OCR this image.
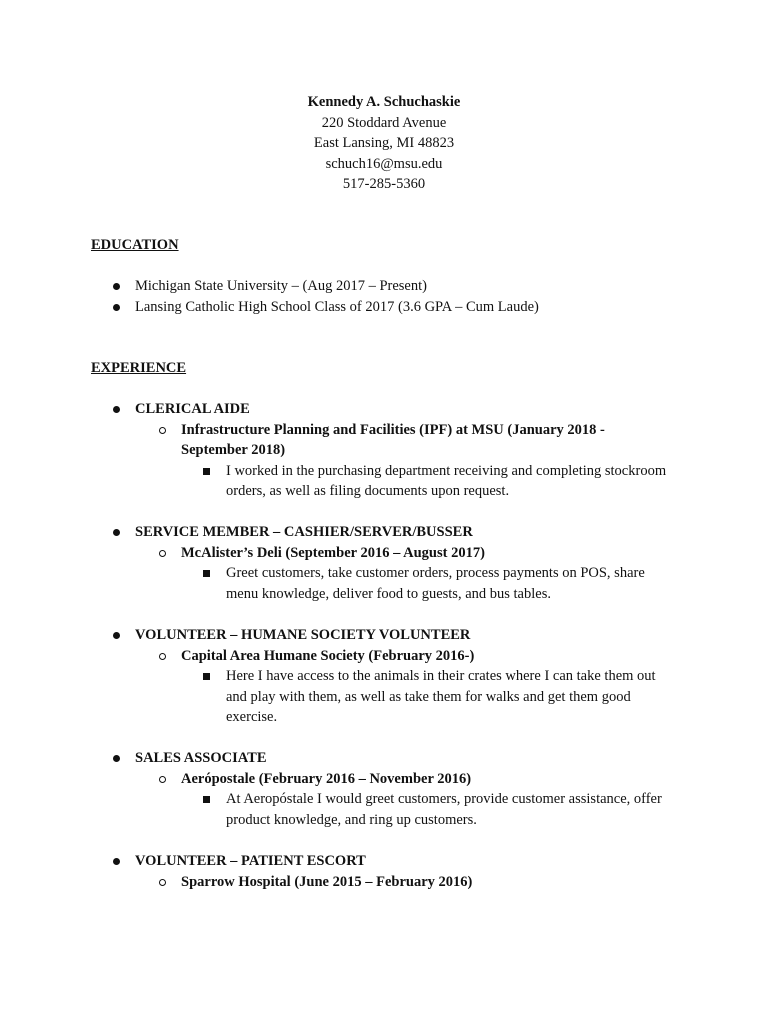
Kennedy A. Schuchaskie
220 Stoddard Avenue
East Lansing, MI 48823
schuch16@msu.edu
517-285-5360
EDUCATION
Michigan State University – (Aug 2017 – Present)
Lansing Catholic High School Class of 2017 (3.6 GPA – Cum Laude)
EXPERIENCE
CLERICAL AIDE
Infrastructure Planning and Facilities (IPF) at MSU (January 2018 - September 2018)
I worked in the purchasing department receiving and completing stockroom orders, as well as filing documents upon request.
SERVICE MEMBER – CASHIER/SERVER/BUSSER
McAlister’s Deli (September 2016 – August 2017)
Greet customers, take customer orders, process payments on POS, share menu knowledge, deliver food to guests, and bus tables.
VOLUNTEER – HUMANE SOCIETY VOLUNTEER
Capital Area Humane Society (February 2016-)
Here I have access to the animals in their crates where I can take them out and play with them, as well as take them for walks and get them good exercise.
SALES ASSOCIATE
Aerópostale (February 2016 – November 2016)
At Aeropóstale I would greet customers, provide customer assistance, offer product knowledge, and ring up customers.
VOLUNTEER – PATIENT ESCORT
Sparrow Hospital (June 2015 – February 2016)
